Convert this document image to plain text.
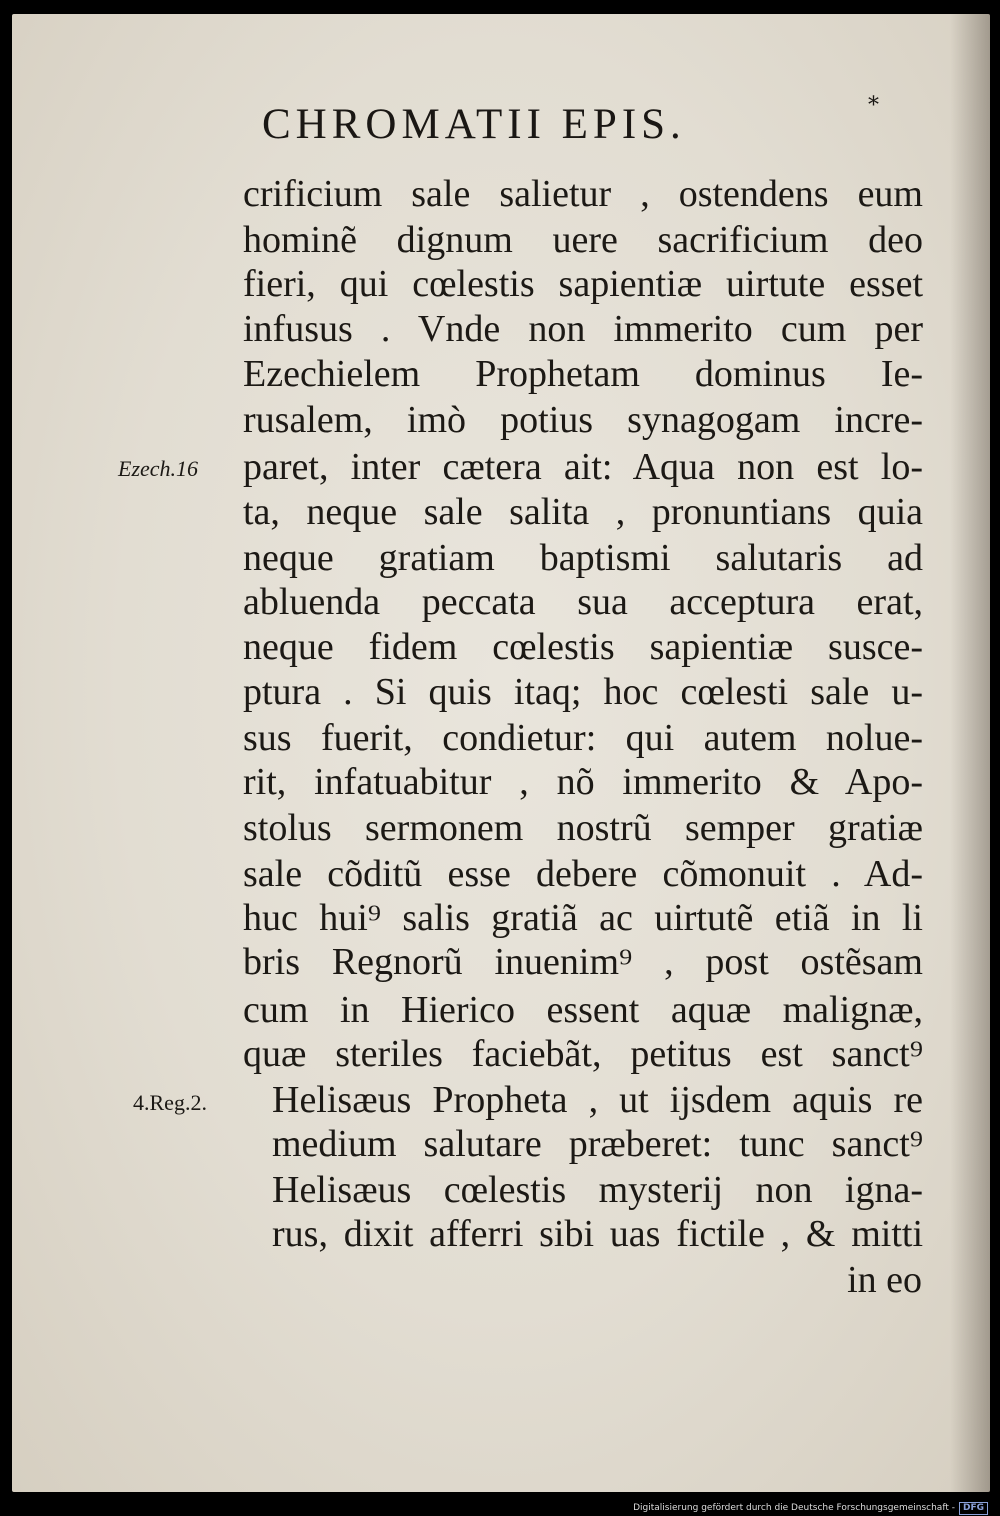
CHROMATII EPIS.
⁎
crificium sale salietur , ostendens eum
hominẽ dignum uere sacrificium deo
fieri, qui cœlestis sapientiæ uirtute esset
infusus . Vnde non immerito cum per
Ezechielem Prophetam dominus Ie-
rusalem, imò potius synagogam incre-
paret, inter cætera ait: Aqua non est lo-
ta, neque sale salita , pronuntians quia
neque gratiam baptismi salutaris ad
abluenda peccata sua acceptura erat,
neque fidem cœlestis sapientiæ susce-
ptura . Si quis itaq; hoc cœlesti sale u-
sus fuerit, condietur: qui autem nolue-
rit, infatuabitur , nõ immerito & Apo-
stolus sermonem nostrũ semper gratiæ
sale cõditũ esse debere cõmonuit . Ad-
huc hui⁹ salis gratiã ac uirtutẽ etiã in li
bris Regnorũ inuenim⁹ , post ostẽsam
cum in Hierico essent aquæ malignæ,
quæ steriles faciebãt, petitus est sanct⁹
Helisæus Propheta , ut ijsdem aquis re
medium salutare præberet: tunc sanct⁹
Helisæus cœlestis mysterij non igna-
rus, dixit afferri sibi uas fictile , & mitti
in eo
Ezech.16
4.Reg.2.
Digitalisierung gefördert durch die Deutsche Forschungsgemeinschaft - DFG
